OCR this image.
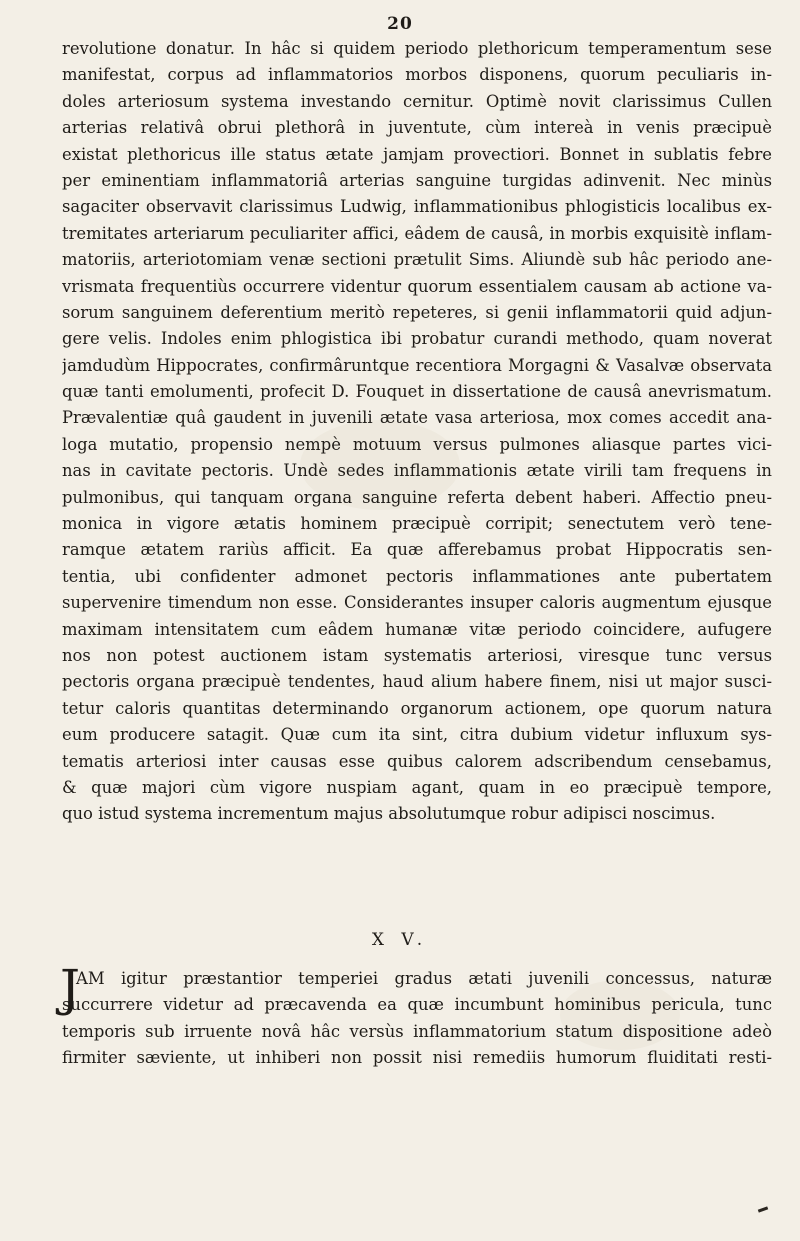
20
revolutione donatur. In hâc si quidem periodo plethoricum temperamentum sese
manifestat, corpus ad inflammatorios morbos disponens, quorum peculiaris in-
doles arteriosum systema investando cernitur. Optimè novit clarissimus Cullen
arterias relativâ obrui plethorâ in juventute, cùm intereà in venis præcipuè
existat plethoricus ille status ætate jamjam provectiori. Bonnet in sublatis febre
per eminentiam inflammatoriâ arterias sanguine turgidas adinvenit. Nec minùs
sagaciter observavit clarissimus Ludwig, inflammationibus phlogisticis localibus ex-
tremitates arteriarum peculiariter affici, eâdem de causâ, in morbis exquisitè inflam-
matoriis, arteriotomiam venæ sectioni prætulit Sims. Aliundè sub hâc periodo ane-
vrismata frequentiùs occurrere videntur quorum essentialem causam ab actione va-
sorum sanguinem deferentium meritò repeteres, si genii inflammatorii quid adjun-
gere velis. Indoles enim phlogistica ibi probatur curandi methodo, quam noverat
jamdudùm Hippocrates, confirmâruntque recentiora Morgagni & Vasalvæ observata
quæ tanti emolumenti, profecit D. Fouquet in dissertatione de causâ anevrismatum.
Prævalentiæ quâ gaudent in juvenili ætate vasa arteriosa, mox comes accedit ana-
loga mutatio, propensio nempè motuum versus pulmones aliasque partes vici-
nas in cavitate pectoris. Undè sedes inflammationis ætate virili tam frequens in
pulmonibus, qui tanquam organa sanguine referta debent haberi. Affectio pneu-
monica in vigore ætatis hominem præcipuè corripit; senectutem verò tene-
ramque ætatem rariùs afficit. Ea quæ afferebamus probat Hippocratis sen-
tentia, ubi confidenter admonet pectoris inflammationes ante pubertatem
supervenire timendum non esse. Considerantes insuper caloris augmentum ejusque
maximam intensitatem cum eâdem humanæ vitæ periodo coincidere, aufugere
nos non potest auctionem istam systematis arteriosi, viresque tunc versus
pectoris organa præcipuè tendentes, haud alium habere finem, nisi ut major susci-
tetur caloris quantitas determinando organorum actionem, ope quorum natura
eum producere satagit. Quæ cum ita sint, citra dubium videtur influxum sys-
tematis arteriosi inter causas esse quibus calorem adscribendum censebamus,
& quæ majori cùm vigore nuspiam agant, quam in eo præcipuè tempore,
quo istud systema incrementum majus absolutumque robur adipisci noscimus.
X V.
J
AM igitur præstantior temperiei gradus ætati juvenili concessus, naturæ
succurrere videtur ad præcavenda ea quæ incumbunt hominibus pericula, tunc
temporis sub irruente novâ hâc versùs inflammatorium statum dispositione adeò
firmiter sæviente, ut inhiberi non possit nisi remediis humorum fluiditati resti-
